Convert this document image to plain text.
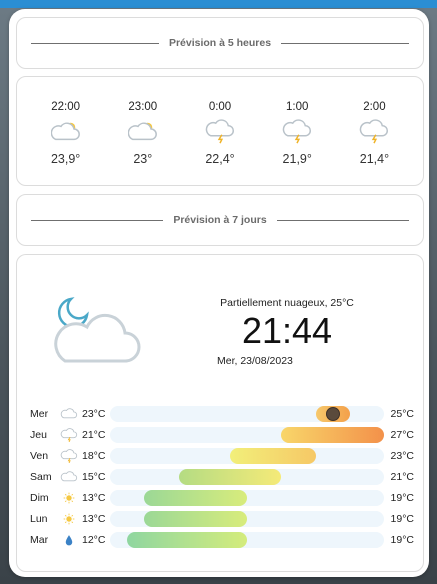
Prévision à 5 heures
22:00
23,9°
23:00
23°
0:00
22,4°
1:00
21,9°
2:00
21,4°
Prévision à 7 jours
Partiellement nuageux, 25°C
21:44
Mer, 23/08/2023
Mer	23°C	25°C
Jeu	21°C	27°C
Ven	18°C	23°C
Sam	15°C	21°C
Dim	13°C	19°C
Lun	13°C	19°C
Mar	12°C	19°C
